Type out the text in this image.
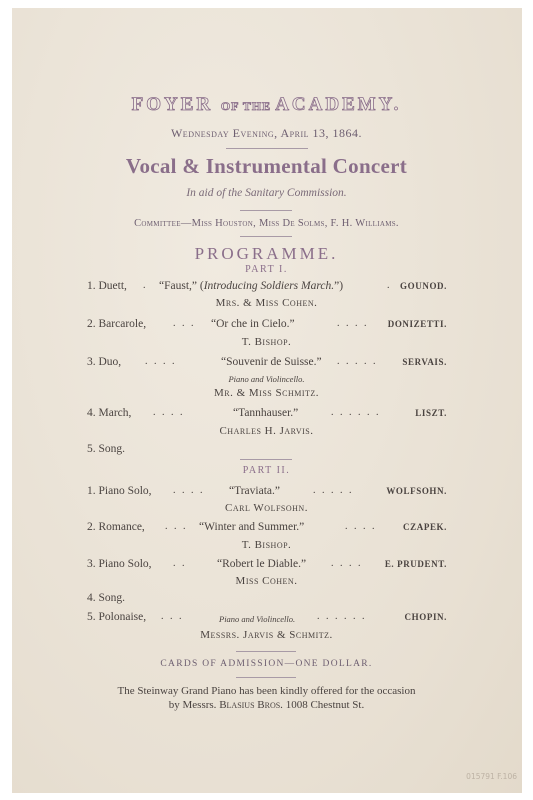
FOYER OF THE ACADEMY.
Wednesday Evening, April 13, 1864.
Vocal & Instrumental Concert
In aid of the Sanitary Commission.
Committee—Miss Houston, Miss De Solms, F. H. Williams.
PROGRAMME.
PART I.
1. Duett, . “Faust,” (Introducing Soldiers March.”)	. GOUNOD.
Mrs. & Miss Cohen.
2. Barcarole,	. . . “Or che in Cielo.”	. . . . DONIZETTI.
T. Bishop.
3. Duo, . . . .	“Souvenir de Suisse.” . . . . .	SERVAIS.
Piano and Violincello.
Mr. & Miss Schmitz.
4. March, . . . .	“Tannhauser.”	. . . . . .	LISZT.
Charles H. Jarvis.
5. Song.
PART II.
1. Piano Solo, . . . . “Traviata.”	. . . . .	WOLFSOHN.
Carl Wolfsohn.
2. Romance, . . . “Winter and Summer.”	. . . .	CZAPEK.
T. Bishop.
3. Piano Solo, . .	“Robert le Diable.” . . . . E. PRUDENT.
Miss Cohen.
4. Song.
5. Polonaise, . . .	Piano and Violincello. . . . . . .	CHOPIN.
Messrs. Jarvis & Schmitz.
CARDS OF ADMISSION—ONE DOLLAR.
The Steinway Grand Piano has been kindly offered for the occasion
by Messrs. Blasius Bros. 1008 Chestnut St.
015791 F.106
